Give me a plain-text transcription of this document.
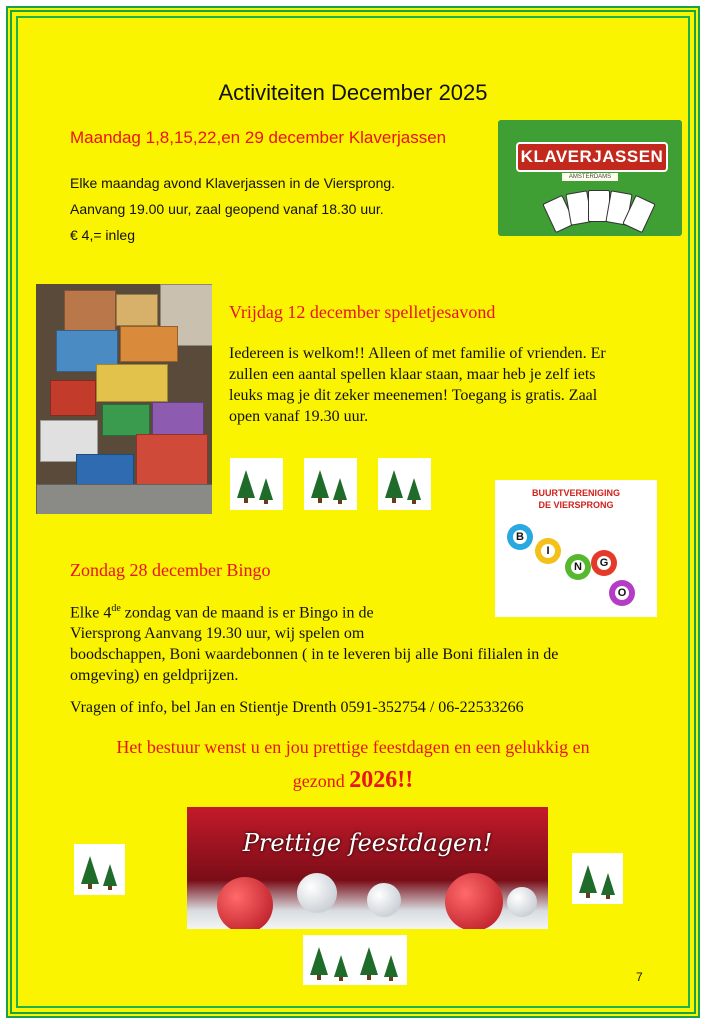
Activiteiten December 2025
Maandag 1,8,15,22,en 29 december Klaverjassen
Elke maandag avond Klaverjassen in de Viersprong.
Aanvang 19.00 uur, zaal geopend vanaf 18.30 uur.
€ 4,= inleg
KLAVERJASSEN
AMSTERDAMS
Vrijdag 12 december spelletjesavond
Iedereen is welkom!! Alleen of met familie of vrienden. Er
zullen een aantal spellen klaar staan, maar heb je zelf iets
leuks mag je dit zeker meenemen! Toegang is gratis. Zaal
open vanaf 19.30 uur.
BUURTVERENIGING
DE VIERSPRONG
B
I
N G
O
Zondag 28 december Bingo
Elke 4de zondag van de maand is er Bingo in de
Viersprong Aanvang 19.30 uur, wij spelen om
boodschappen, Boni waardebonnen ( in te leveren bij alle Boni filialen in de
omgeving) en geldprijzen.
Vragen of info, bel Jan en Stientje Drenth 0591-352754 / 06-22533266
Het bestuur wenst u en jou prettige feestdagen en een gelukkig en
gezond 2026!!
Prettige feestdagen!
7
